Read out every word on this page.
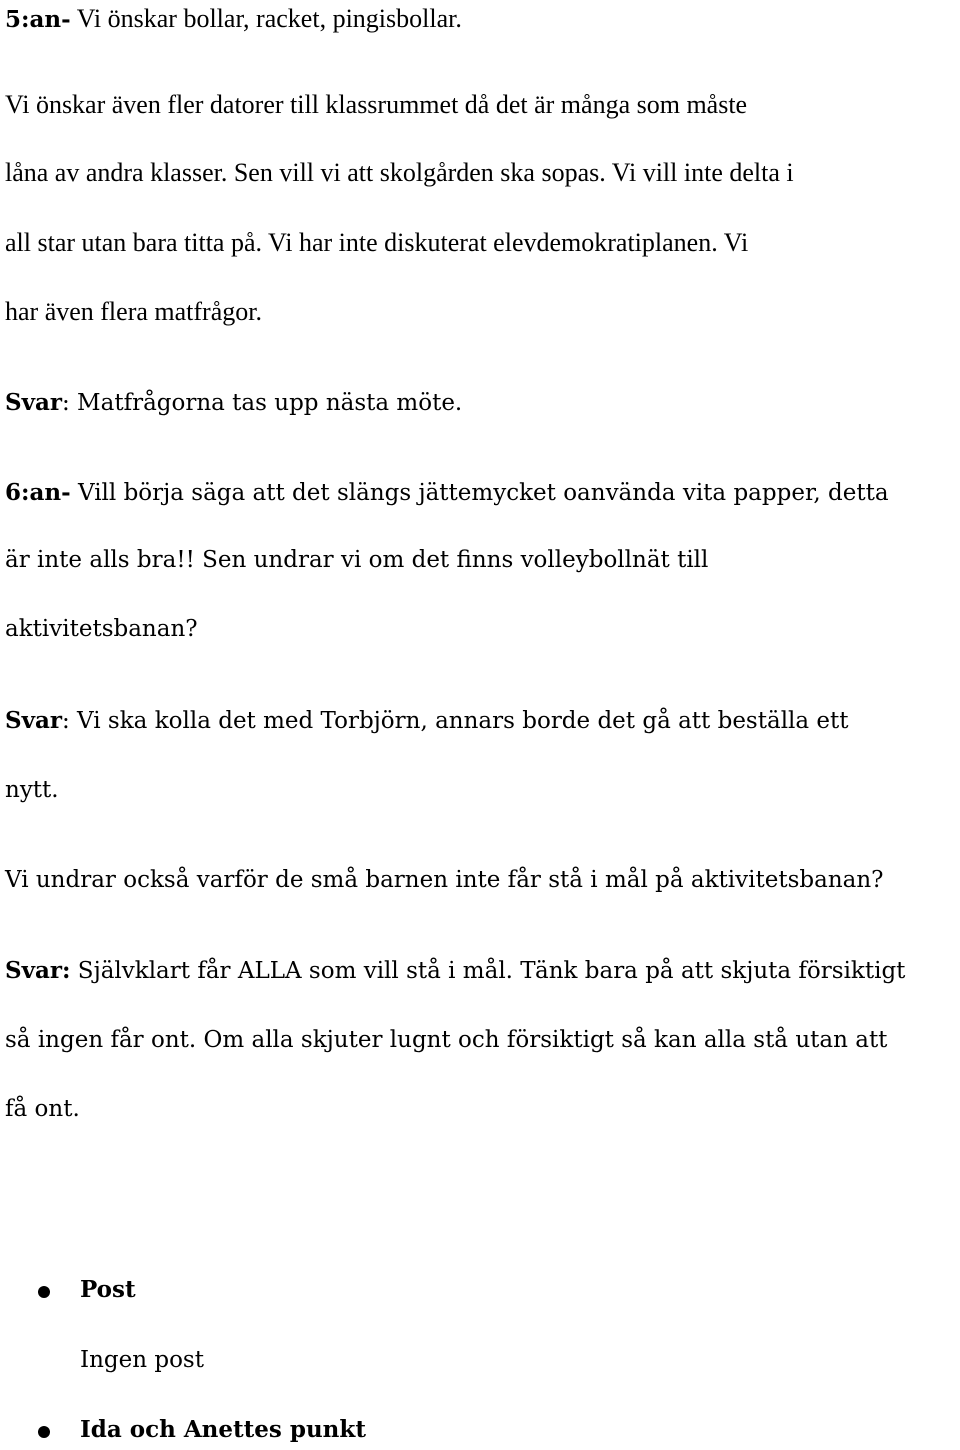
5:an- Vi önskar bollar, racket, pingisbollar.
Vi önskar även fler datorer till klassrummet då det är många som måste
låna av andra klasser. Sen vill vi att skolgården ska sopas. Vi vill inte delta i
all star utan bara titta på. Vi har inte diskuterat elevdemokratiplanen. Vi
har även flera matfrågor.
Svar: Matfrågorna tas upp nästa möte.
6:an- Vill börja säga att det slängs jättemycket oanvända vita papper, detta
är inte alls bra!! Sen undrar vi om det finns volleybollnät till
aktivitetsbanan?
Svar: Vi ska kolla det med Torbjörn, annars borde det gå att beställa ett
nytt.
Vi undrar också varför de små barnen inte får stå i mål på aktivitetsbanan?
Svar: Självklart får ALLA som vill stå i mål. Tänk bara på att skjuta försiktigt
så ingen får ont. Om alla skjuter lugnt och försiktigt så kan alla stå utan att
få ont.
Post
Ingen post
Ida och Anettes punkt
